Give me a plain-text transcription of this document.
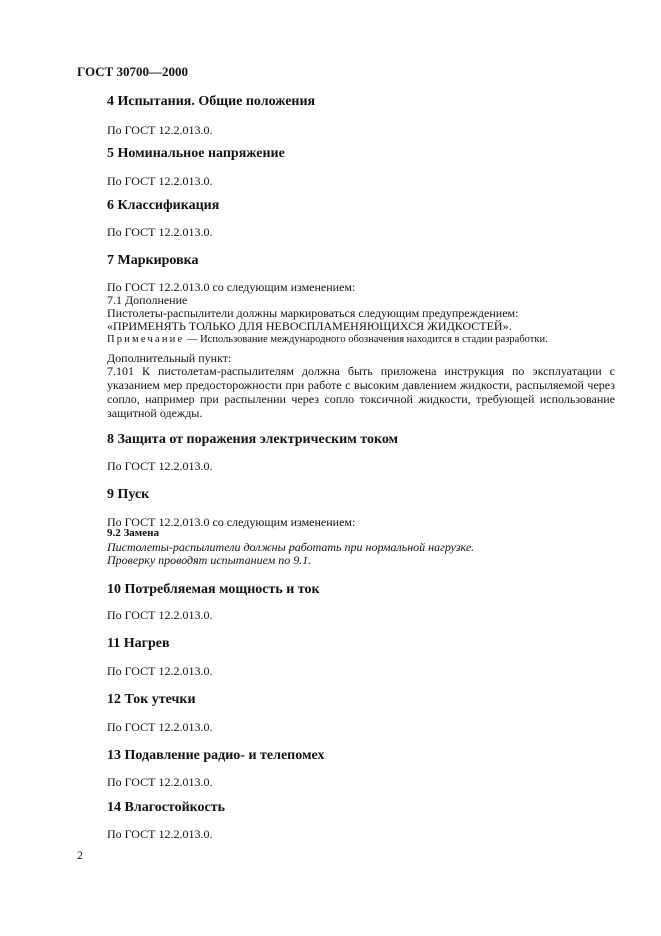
ГОСТ 30700—2000
4 Испытания. Общие положения
По ГОСТ 12.2.013.0.
5 Номинальное напряжение
По ГОСТ 12.2.013.0.
6 Классификация
По ГОСТ 12.2.013.0.
7 Маркировка
По ГОСТ 12.2.013.0 со следующим изменением:
7.1 Дополнение
Пистолеты-распылители должны маркироваться следующим предупреждением:
«ПРИМЕНЯТЬ ТОЛЬКО ДЛЯ НЕВОСПЛАМЕНЯЮЩИХСЯ ЖИДКОСТЕЙ».
Примечание — Использование международного обозначения находится в стадии разработки.
Дополнительный пункт:
7.101 К пистолетам-распылителям должна быть приложена инструкция по эксплуатации с указанием мер предосторожности при работе с высоким давлением жидкости, распыляемой через сопло, например при распылении через сопло токсичной жидкости, требующей использование защитной одежды.
8 Защита от поражения электрическим током
По ГОСТ 12.2.013.0.
9 Пуск
По ГОСТ 12.2.013.0 со следующим изменением:
9.2 Замена
Пистолеты-распылители должны работать при нормальной нагрузке.
Проверку проводят испытанием по 9.1.
10 Потребляемая мощность и ток
По ГОСТ 12.2.013.0.
11 Нагрев
По ГОСТ 12.2.013.0.
12 Ток утечки
По ГОСТ 12.2.013.0.
13 Подавление радио- и телепомех
По ГОСТ 12.2.013.0.
14 Влагостойкость
По ГОСТ 12.2.013.0.
2
